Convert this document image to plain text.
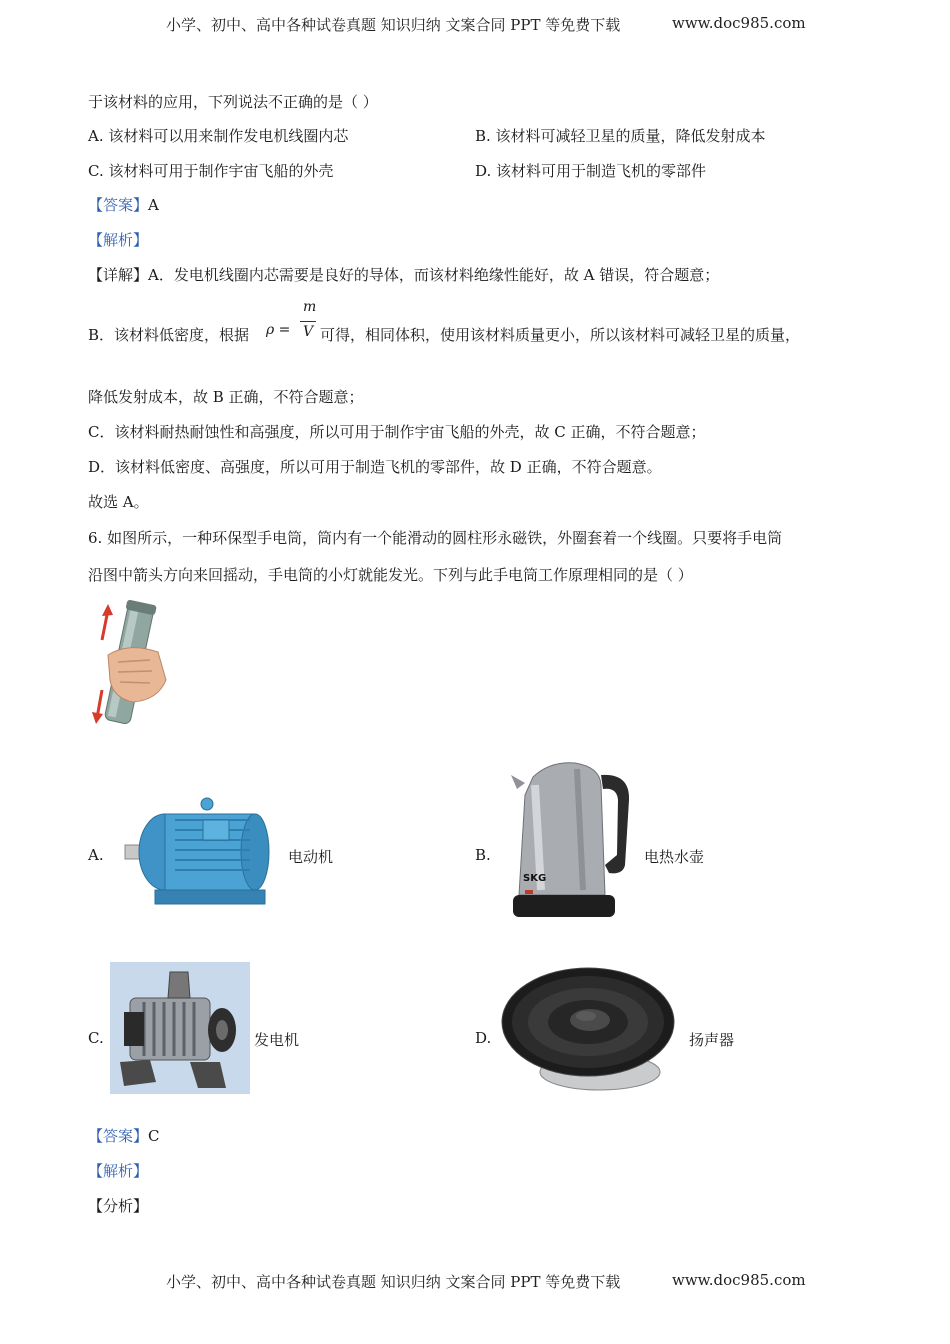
小学、初中、高中各种试卷真题 知识归纳 文案合同 PPT 等免费下载	www.doc985.com
于该材料的应用，下列说法不正确的是（ ）
A. 该材料可以用来制作发电机线圈内芯	B. 该材料可减轻卫星的质量，降低发射成本
C. 该材料可用于制作宇宙飞船的外壳	D. 该材料可用于制造飞机的零部件
【答案】A
【解析】
【详解】A．发电机线圈内芯需要是良好的导体，而该材料绝缘性能好，故 A 错误，符合题意；
B．该材料低密度，根据 ρ =
m
V 可得，相同体积，使用该材料质量更小，所以该材料可减轻卫星的质量，
降低发射成本，故 B 正确，不符合题意；
C．该材料耐热耐蚀性和高强度，所以可用于制作宇宙飞船的外壳，故 C 正确，不符合题意；
D．该材料低密度、高强度，所以可用于制造飞机的零部件，故 D 正确，不符合题意。
故选 A。
6. 如图所示，一种环保型手电筒，筒内有一个能滑动的圆柱形永磁铁，外圈套着一个线圈。只要将手电筒
沿图中箭头方向来回摇动，手电筒的小灯就能发光。下列与此手电筒工作原理相同的是（ ）
A.	电动机	B.
SKG
电热水壶
C.	发电机	D.	扬声器
【答案】C
【解析】
【分析】
小学、初中、高中各种试卷真题 知识归纳 文案合同 PPT 等免费下载	www.doc985.com
